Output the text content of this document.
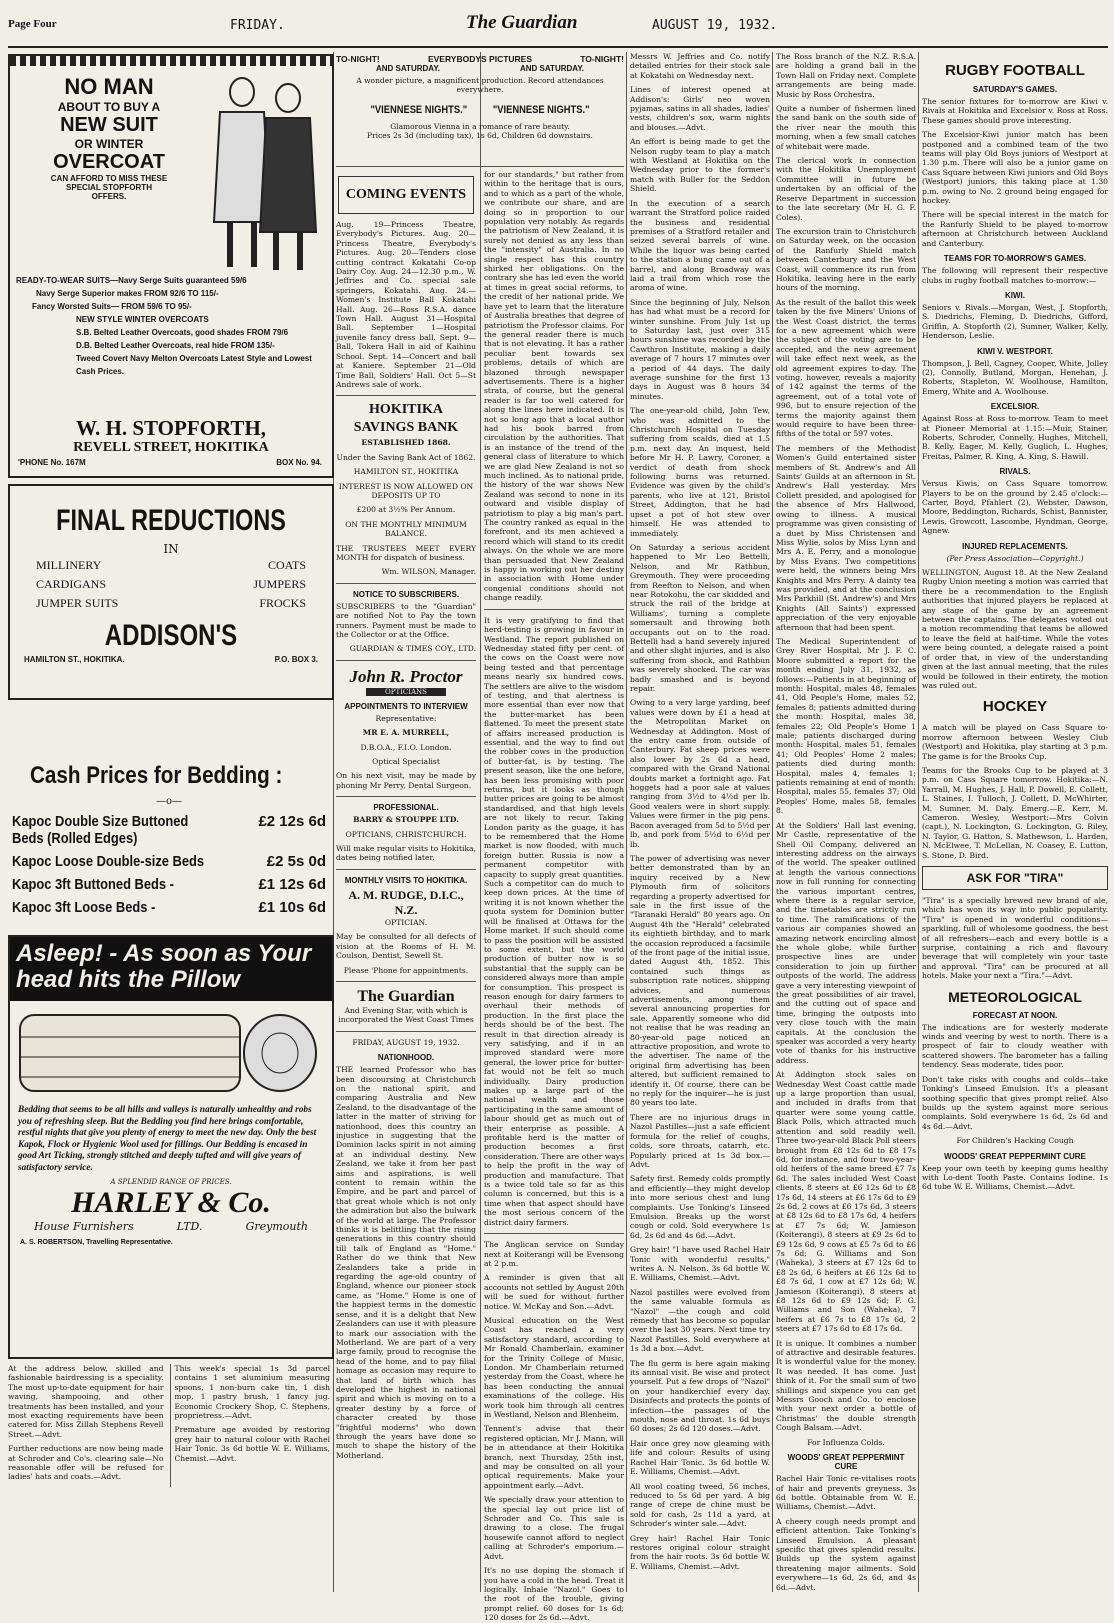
Page Four	FRIDAY.	The Guardian	AUGUST 19, 1932.
NO MAN
ABOUT TO BUY A
NEW SUIT
OR WINTER
OVERCOAT
CAN AFFORD TO MISS THESE
SPECIAL STOPFORTH
OFFERS.
READY-TO-WEAR SUITS—Navy Serge Suits guaranteed 59/6
Navy Serge Superior makes FROM 92/6 TO 115/-
Fancy Worsted Suits— FROM 59/6 TO 95/-
NEW STYLE WINTER OVERCOATS
S.B. Belted Leather Overcoats, good shades FROM 79/6
D.B. Belted Leather Overcoats, real hide FROM 135/-
Tweed Covert Navy Melton Overcoats Latest Style and Lowest Cash Prices.
W. H. STOPFORTH,
REVELL STREET, HOKITIKA
'PHONE No. 167M	BOX No. 94.
FINAL REDUCTIONS
IN
MILLINERY	COATS
CARDIGANS	JUMPERS
JUMPER SUITS	FROCKS
ADDISON'S
HAMILTON ST., HOKITIKA.	P.O. BOX 3.
Cash Prices for Bedding :
—o—
Kapoc Double Size Buttoned Beds (Rolled Edges)
£2 12s 6d
Kapoc Loose Double-size Beds	£2 5s 0d
Kapoc 3ft Buttoned Beds -	£1 12s 6d
Kapoc 3ft Loose Beds -	£1 10s 6d
Asleep! - As soon as Your head hits the Pillow
Bedding that seems to be all hills and valleys is naturally unhealthy and robs you of refreshing sleep. But the Bedding you find here brings comfortable, restful nights that give you plenty of energy to meet the new day. Only the best Kapok, Flock or Hygienic Wool used for fillings. Our Bedding is encased in good Art Ticking, strongly stitched and deeply tufted and will give years of satisfactory service.
A SPLENDID RANGE OF PRICES.
HARLEY & Co.
House Furnishers	LTD.	Greymouth
A. S. ROBERTSON, Travelling Representative.

At the address below, skilled and fashionable hairdressing is a speciality. The most up-to-date equipment for hair waving, shampooing, and other treatments has been installed, and your most exacting requirements have been catered for. Miss Zillah Stephens Revell Street.—Advt.

Further reductions are now being made at Schroder and Co's. clearing sale—No reasonable offer will be refused for ladies' hats and coats.—Advt.

This week's special 1s 3d parcel contains 1 set aluminium measuring spoons, 1 non-burn cake tin, 1 dish mop, 1 pastry brush, 1 fancy jug. Economic Crockery Shop, C. Stephens, proprietress.—Advt.

Premature age avoided by restoring grey hair to natural colour with Rachel Hair Tonic. 3s 6d bottle W. E. Williams, Chemist.—Advt.

TO-NIGHT!	EVERYBODYS PICTURES	TO-NIGHT!
AND SATURDAY.	AND SATURDAY.
A wonder picture, a magnificent production. Record attendances everywhere.
"VIENNESE NIGHTS." "VIENNESE NIGHTS."
Glamorous Vienna in a romance of rare beauty.
Prices 2s 3d (including tax), 1s 6d, Children 6d downstairs.
COMING EVENTS

Aug. 19—Princess Theatre, Everybody's Pictures. Aug. 20—Princess Theatre, Everybody's Pictures. Aug. 20—Tenders close cutting contract Kokatahi Co-op Dairy Coy. Aug. 24—12.30 p.m., W. Jeffries and Co. special sale springers, Kokatahi. Aug. 24.—Women's Institute Ball Kokatahi Hall. Aug. 26—Ross R.S.A. dance Town Hall. August 31—Hospital Ball. September 1—Hospital juvenile fancy dress ball. Sept. 9—Ball, Tokera Hall in aid of Kaihinu School. Sept. 14—Concert and ball at Kaniere. September 21—Old Time Ball, Soldiers' Hall. Oct 5—St Andrews sale of work.

HOKITIKA
SAVINGS BANK

ESTABLISHED 1868.

Under the Saving Bank Act of 1862.

HAMILTON ST., HOKITIKA

INTEREST IS NOW ALLOWED ON DEPOSITS UP TO

£200 at 3½% Per Annum.

ON THE MONTHLY MINIMUM BALANCE.

THE TRUSTEES MEET EVERY MONTH for dispatch of business.

Wm. WILSON, Manager.

NOTICE TO SUBSCRIBERS.

SUBSCRIBERS to the "Guardian" are notified Not to Pay the town runners. Payment must be made to the Collector or at the Office.

GUARDIAN & TIMES COY., LTD.

John R. Proctor
OPTICIANS
APPOINTMENTS TO INTERVIEW

Representative:

MR E. A. MURRELL,

D.B.O.A., F.I.O. London.

Optical Specialist

On his next visit, may be made by phoning Mr Perry, Dental Surgeon.

PROFESSIONAL.

BARRY & STOUPPE LTD.

OPTICIANS, CHRISTCHURCH.

Will make regular visits to Hokitika, dates being notified later.

MONTHLY VISITS TO HOKITIKA.
A. M. RUDGE, D.I.C., N.Z.

OPTICIAN.

May be consulted for all defects of vision at the Rooms of H. M. Coulson, Dentist, Sewell St.

Please 'Phone for appointments.

The Guardian

And Evening Star, with which is incorporated the West Coast Times

FRIDAY, AUGUST 19, 1932.

NATIONHOOD.

THE learned Professor who has been discoursing at Christchurch on the national spirit, and comparing Australia and New Zealand, to the disadvantage of the latter in the matter of striving for nationhood, does this country an injustice in suggesting that the Dominion lacks spirit in not aiming at an individual destiny. New Zealand, we take it from her past aims and aspirations, is well content to remain within the Empire, and be part and parcel of that great whole which is not only the admiration but also the bulwark of the world at large. The Professor thinks it is belittling that the rising generations in this country should till talk of England as "Home." Rather do we think that New Zealanders take a pride in regarding the age-old country of England, whence our pioneer stock came, as "Home." Home is one of the happiest terms in the domestic sense, and it is a delight that New Zealanders can use it with pleasure to mark our association with the Motherland. We are part of a very large family, proud to recognise the head of the home, and to pay filial homage as occasion may require to that land of birth which has developed the highest in national spirit and which is moving on to a greater destiny by a force of character created by those "frightful moderns" who down through the years have done so much to shape the history of the Motherland.

for our standards," but rather from within to the heritage that is ours, and to which as a part of the whole, we contribute our share, and are doing so in proportion to our population very notably. As regards the patriotism of New Zealand, it is surely not denied as any less than the "intensity" of Australia. In no single respect has this country shirked her obligations. On the contrary she has led even the world at times in great social reforms, to the credit of her national pride. We have yet to learn that the literature of Australia breathes that degree of patriotism the Professor claims. For the general reader there is much that is not elevating. It has a rather peculiar bent towards sex problems, details of which are blazoned through newspaper advertisements. There is a higher strata, of course, but the general reader is far too well catered for along the lines here indicated. It is not so long ago that a local author had his book barred from circulation by the authorities. That is an instance of the trend of the general class of literature to which we are glad New Zealand is not so much inclined. As to national pride, the history of the war shows New Zealand was second to none in its outward and visible display of patriotism to play a big man's part. The country ranked as equal in the forefront, and its men achieved a record which will stand to its credit always. On the whole we are more than persuaded that New Zealand is happy in working out her destiny in association with Home under congenial conditions should not change readily.

It is very gratifying to find that herd-testing is growing in favour in Westland. The report published on Wednesday stated fifty per cent. of the cows on the Coast were now being tested and that percentage means nearly six hundred cows. The settlers are alive to the wisdom of testing, and that alertness is more essential than ever now that the butter-market has been flattened. To meet the present state of affairs increased production is essential, and the way to find out the robber cows in the production of butter-fat, is by testing. The present season, like the one before, has been less promising with poor returns, but it looks as though butter prices are going to be almost standardised, and that high levels are not likely to recur. Taking London parity as the guage, it has to be remembered that the Home market is now flooded, with much foreign butter. Russia is now a permanent competitor with capacity to supply great quantities. Such a competitor can do much to keep down prices. At the time of writing it is not known whether the quota system for Dominion butter will be finalised at Ottawa for the Home market. If such should come to pass the position will be assisted to some extent, but the world production of butter now is so substantial that the supply can be considered always more than ample for consumption. This prospect is reason enough for dairy farmers to overhaul their methods of production. In the first place the herds should be of the best. The result in that direction already is very satisfying, and if in an improved standard were more general, the lower price for butter-fat would not be felt so much individually. Dairy production makes up a large part of the national wealth and those participating in the same amount of labour should get as much out of their enterprise as possible. A profitable herd is the matter of production becomes a first consideration. There are other ways to help the profit in the way of production and manufacture. That is a twice told tale so far as this column is concerned, but this is a time when that aspect should have the most serious concern of the district dairy farmers.

The Anglican service on Sunday next at Koiterangi will be Evensong at 2 p.m.

A reminder is given that all accounts not settled by August 20th will be sued for without further notice. W. McKay and Son.—Advt.

Musical education on the West Coast has reached a very satisfactory standard, according to Mr Ronald Chamberlain, examiner for the Trinity College of Music, London. Mr Chamberlain returned yesterday from the Coast, where he has been conducting the annual examinations of the college. His work took him through all centres in Westland, Nelson and Blenheim.

Tennent's advise that their registered optician, Mr J. Mann, will be in attendance at their Hokitika branch, next Thursday, 25th inst, and may be consulted on all your optical requirements. Make your appointment early.—Advt.

We specially draw your attention to the special lay out price list of Schroder and Co. This sale is drawing to a close. The frugal housewife cannot afford to neglect calling at Schroder's emporium.—Advt.

It's no use doping the stomach if you have a cold in the head. Treat it logically. Inhale "Nazol." Goes to the root of the trouble, giving prompt relief. 60 doses for 1s 6d; 120 doses for 2s 6d.—Advt.

Messrs W. Jeffries and Co. notify detailed entries for their stock sale at Kokatahi on Wednesday next.

Lines of interest opened at Addison's: Girls' neo woven pyjamas, satins in all shades, ladies' vests, children's sox, warm nights and blouses.—Advt.

An effort is being made to get the Nelson rugby team to play a match with Westland at Hokitika on the Wednesday prior to the former's match with Buller for the Seddon Shield.

In the execution of a search warrant the Stratford police raided the business and residential premises of a Stratford retailer and seized several barrels of wine. While the liquor was being carted to the station a bung came out of a barrel, and along Broadway was laid a trail from which rose the aroma of wine.

Since the beginning of July, Nelson has had what must be a record for winter sunshine. From July 1st up to Saturday last, just over 315 hours sunshine was recorded by the Cawthron Institute, making a daily average of 7 hours 17 minutes over a period of 44 days. The daily average sunshine for the first 13 days in August was 8 hours 34 minutes.

The one-year-old child, John Tew, who was admitted to the Christchurch Hospital on Tuesday suffering from scalds, died at 1.5 p.m. next day. An inquest, held before Mr H. P. Lawry, Coroner, a verdict of death from shock following burns was returned. Evidence was given by the child's parents, who live at 121, Bristol Street, Addington, that he had upset a pot of hot stew over himself. He was attended to immediately.

On Saturday a serious accident happened to Mr Leo Bettelli, Nelson, and Mr Rathbun, Greymouth. They were proceeding from Reefton to Nelson, and when near Rotokohu, the car skidded and struck the rail of the bridge at Williams', turning a complete somersault and throwing both occupants out on to the road. Bettelli had a hand severely injured and other slight injuries, and is also suffering from shock, and Rathbun was severely shocked. The car was badly smashed and is beyond repair.

Owing to a very large yarding, beef values were down by £1 a head at the Metropolitan Market on Wednesday at Addington. Most of the entry came from outside of Canterbury. Fat sheep prices were also lower by 2s 6d a head, compared with the Grand National doubts market a fortnight ago. Fat hoggets had a poor sale at values ranging from 3½d to 4½d per lb. Good vealers were in short supply. Values were firmer in the pig pens. Bacon averaged from 5d to 5½d per lb, and pork from 5½d to 6½d per lb.

The power of advertising was never better demonstrated than by an inquiry received by a New Plymouth firm of solicitors regarding a property advertised for sale in the first issue of the "Taranaki Herald" 80 years ago. On August 4th the "Herald" celebrated its eightieth birthday, and to mark the occasion reproduced a facsimile of the front page of the initial issue, dated August 4th, 1852. This contained such things as subscription rate notices, shipping advices, and numerous advertisements, among them several announcing properties for sale. Apparently someone who did not realise that he was reading an 80-year-old page noticed an attractive proposition, and wrote to the advertiser. The name of the original firm advertising has been altered, but sufficient remained to identify it. Of course, there can be no reply for the inquirer—he is just 80 years too late.

There are no injurious drugs in Nazol Pastilles—just a safe efficient formula for the relief of coughs, colds, sore throats, catarrh, etc. Popularly priced at 1s 3d box.—Advt.

Safety first. Remedy colds promptly and efficiently—they might develop into more serious chest and lung complaints. Use Tonking's Linseed Emulsion. Breaks up the worst cough or cold. Sold everywhere 1s 6d, 2s 6d and 4s 6d.—Advt.

Grey hair! "I have used Rachel Hair Tonic with wonderful results," writes A. N. Nelson. 3s 6d bottle W. E. Williams, Chemist.—Advt.

Nazol pastilles were evolved from the same valuable formula as "Nazol" —the cough and cold remedy that has become so popular over the last 30 years. Next time try Nazol Pastilles. Sold everywhere at 1s 3d a box.—Advt.

The flu germ is here again making its annual visit. Be wise and protect yourself. Put a few drops of "Nazol" on your handkerchief every day. Disinfects and protects the points of infection—the passages of the mouth, nose and throat. 1s 6d buys 60 doses; 2s 6d 120 doses.—Advt.

Hair once grey now gleaming with life and colour: Results of using Rachel Hair Tonic. 3s 6d bottle W. E. Williams, Chemist.—Advt.

All wool coating tweed, 56 inches, reduced to 5s 6d per yard. A big range of crepe de chine must be sold for cash, 2s 11d a yard, at Schroder's winter sale.—Advt.

Grey hair! Rachel Hair Tonic restores original colour straight from the hair roots. 3s 6d bottle W. E. Williams, Chemist.—Advt.

The Ross branch of the N.Z. R.S.A. are holding a grand ball in the Town Hall on Friday next. Complete arrangements are being made. Music by Ross Orchestra.

Quite a number of fishermen lined the sand bank on the south side of the river near the mouth this morning, when a few small catches of whitebait were made.

The clerical work in connection with the Hokitika Unemployment Committee will in future be undertaken by an official of the Reserve Department in succession to the late secretary (Mr H. G. F. Coles).

The excursion train to Christchurch on Saturday week, on the occasion of the Ranfurly Shield match between Canterbury and the West Coast, will commence its run from Hokitika, leaving here in the early hours of the morning.

As the result of the ballot this week taken by the five Miners' Unions of the West Coast district, the terms for a new agreement which were the subject of the voting are to be accepted, and the new agreement will take effect next week, as the old agreement expires to-day. The voting, however, reveals a majority of 142 against the terms of the agreement, out of a total vote of 996, but to ensure rejection of the terms the majority against them would require to have been three-fifths of the total or 597 votes.

The members of the Methodist Women's Guild entertained sister members of St. Andrew's and All Saints' Guilds at an afternoon in St. Andrew's Hall yesterday. Mrs Collett presided, and apologised for the absence of Mrs Hallwood, owing to illness. A musical programme was given consisting of a duet by Miss Christensen and Miss Wylie, solos by Miss Lynn and Mrs A. E. Perry, and a monologue by Miss Evans. Two competitions were held, the winners being Mrs Knights and Mrs Perry. A dainty tea was provided, and at the conclusion Mrs Parkhill (St. Andrew's) and Mrs Knights (All Saints') expressed appreciation of the very enjoyable afternoon that had been spent.

The Medical Superintendent of Grey River Hospital, Mr J. F. C. Moore submitted a report for the month ending July 31, 1932, as follows:—Patients in at beginning of month: Hospital, males 48, females 41, Old People's Home, males 52, females 8; patients admitted during the month: Hospital, males 38, females 22; Old People's Home 1 male; patients discharged during month: Hospital, males 51, females 41; Old Peoples' Home 2 males; patients died during month: Hospital, males 4, females 1; patients remaining at end of month: Hospital, males 55, females 37; Old Peoples' Home, males 58, females 8.

At the Soldiers' Hall last evening, Mr Castle, representative of the Shell Oil Company, delivered an interesting address on the airways of the world. The speaker outlined at length the various connections now in full running for connecting the various important centres, where there is a regular service, and the timetables are strictly run to time. The ramifications of the various air companies showed an amazing network encircling almost the whole globe, while further prospective lines are under consideration to join up further outposts of the world. The address gave a very interesting viewpoint of the great possibilities of air travel, and the cutting out of space and time, bringing the outposts into very close touch with the main capitals. At the conclusion the speaker was accorded a very hearty vote of thanks for his instructive address.

At Addington stock sales on Wednesday West Coast cattle made up a large proportion than usual, and included in drafts from that quarter were some young cattle, Black Polls, which attracted much attention and sold readily well. Three two-year-old Black Poll steers brought from £8 12s 6d to £8 17s 6d, for instance, and four two-year-old heifers of the same breed £7 7s 6d. The sales included West Coast clients, 8 steers at £6 12s 6d to £8 17s 6d, 14 steers at £6 17s 6d to £9 2s 6d, 2 cows at £6 17s 6d, 3 steers at £8 12s 6d to £8 17s 6d, 4 heifers at £7 7s 6d; W. Jamieson (Koiterangi), 8 steers at £9 2s 6d to £9 12s 6d, 9 cows at £5 7s 6d to £6 7s 6d; G. Williams and Son (Waheka), 3 steers at £7 12s 6d to £8 2s 6d, 6 heifers at £6 12s 6d to £8 7s 6d, 1 cow at £7 12s 6d; W. Jamieson (Koiterangi), 8 steers at £8 12s 6d to £9 12s 6d; F. G. Williams and Son (Waheka), 7 heifers at £6 7s to £8 17s 6d, 2 steers at £7 17s 6d to £8 17s 6d.

It is unique. It combines a number of attractive and desirable features. It is wonderful value for the money. It was needed. It has come. Just think of it. For the small sum of two shillings and sixpence you can get Messrs Gooch and Co. to enclose with your next order a bottle of Christmas' the double strength Cough Balsam.—Advt.

For Influenza Colds.

WOODS' GREAT PEPPERMINT CURE

Rachel Hair Tonic re-vitalises roots of hair and prevents greyness. 3s 6d bottle. Obtainable from W. E. Williams, Chemist.—Advt.

A cheery cough needs prompt and efficient attention. Take Tonking's Linseed Emulsion. A pleasant specific that gives splendid results. Builds up the system against threatening major ailments. Sold everywhere—1s 6d, 2s 6d, and 4s 6d.—Advt.

RUGBY FOOTBALL
SATURDAY'S GAMES.

The senior fixtures for to-morrow are Kiwi v. Rivals at Hokitika and Excelsior v. Ross at Ross. These games should prove interesting.

The Excelsior-Kiwi junior match has been postponed and a combined team of the two teams will play Old Boys juniors of Westport at 1.30 p.m. There will also be a junior game on Cass Square between Kiwi juniors and Old Boys (Westport) juniors, this taking place at 1.30 p.m. owing to No. 2 ground being engaged for hockey.

There will be special interest in the match for the Ranfurly Shield to be played to-morrow afternoon at Christchurch between Auckland and Canterbury.

TEAMS FOR TO-MORROW'S GAMES.

The following will represent their respective clubs in rugby football matches to-morrow:—

KIWI.

Seniors v. Rivals.—Morgan, West, J. Stopforth, S. Diedrichs, Fleming, D. Diedrichs, Gifford, Griffin, A. Stopforth (2), Sumner, Walker, Kelly, Henderson, Leslie.

KIWI V. WESTPORT.

Thompson, J. Bell, Cagney, Cooper, White, Jolley (2), Connolly, Butland, Morgan, Henehan, J. Roberts, Stapleton, W. Woolhouse, Hamilton, Emerg, White and A. Woolhouse.

EXCELSIOR.

Against Ross at Ross to-morrow. Team to meet at Pioneer Memorial at 1.15:—Muir, Stainer, Roberts, Schroder, Connelly, Hughes, Mitchell, B. Kelly, Eager, M. Kelly, Guglich, L. Hughes, Freitas, Palmer, R. King, A. King, S. Hawill.

RIVALS.

Versus Kiwis, on Cass Square tomorrow. Players to be on the ground by 2.45 o'clock:—Carter, Boyd, Pfahlert (2), Webster, Dawson, Moore, Beddington, Richards, Schist, Bannister, Lewis, Growcott, Lascombe, Hyndman, George, Agnew.

INJURED REPLACEMENTS.

(Per Press Association—Copyright.)

WELLINGTON, August 18. At the New Zealand Rugby Union meeting a motion was carried that there be a recommendation to the English authorities that injured players be replaced at any stage of the game by an agreement between the captains. The delegates voted out a motion recommending that teams be allowed to leave the field at half-time. While the votes were being counted, a delegate raised a point of order that, in view of the understanding given at the last annual meeting, that the rules would be followed in their entirety, the motion was ruled out.

HOCKEY

A match will be played on Cass Square to-morrow afternoon between Wesley Club (Westport) and Hokitika, play starting at 3 p.m. The game is for the Brooks Cup.

Teams for the Brooks Cup to be played at 3 p.m. on Cass Square tomorrow. Hokitika:—N. Yarrall, M. Hughes, J. Hall, P. Dowell, E. Collett, L. Staines, I. Tulloch, J. Collett, D. McWhirter, M. Sumner, M. Daly. Emerg.—E. Kerr, M. Cameron. Wesley, Westport:—Mrs Colvin (capt.), N. Lockington, G. Lockington, G. Riley, N. Taylor, G. Hatton, S. Mathewson, L. Harden, N. McElwee, T. McLellan, N. Coasey, E. Lutton, S. Stone, D. Bird.

ASK FOR "TIRA"

"Tira" is a specially brewed new brand of ale, which has won its way into public popularity. "Tira" is opened in wonderful conditions—sparkling, full of wholesome goodness, the best of all refreshers—each and every bottle is a surprise, containing a rich and flavoury beverage that will completely win your taste and approval. "Tira" can be procured at all hotels. Make your next a "Tira."—Advt.

METEOROLOGICAL
FORECAST AT NOON.

The indications are for westerly moderate winds and veering by west to north. There is a prospect of fair to cloudy weather with scattered showers. The barometer has a falling tendency. Seas moderate, tides poor.

Don't take risks with coughs and colds—take Tonking's Linseed Emulsion. It's a pleasant soothing specific that gives prompt relief. Also builds up the system against more serious complaints. Sold everywhere 1s 6d, 2s 6d and 4s 6d.—Advt.

For Children's Hacking Cough

WOODS' GREAT PEPPERMINT CURE

Keep your own teeth by keeping gums healthy with Lo-dent Tooth Paste. Contains Iodine. 1s 6d tube W. E. Williams, Chemist.—Advt.
